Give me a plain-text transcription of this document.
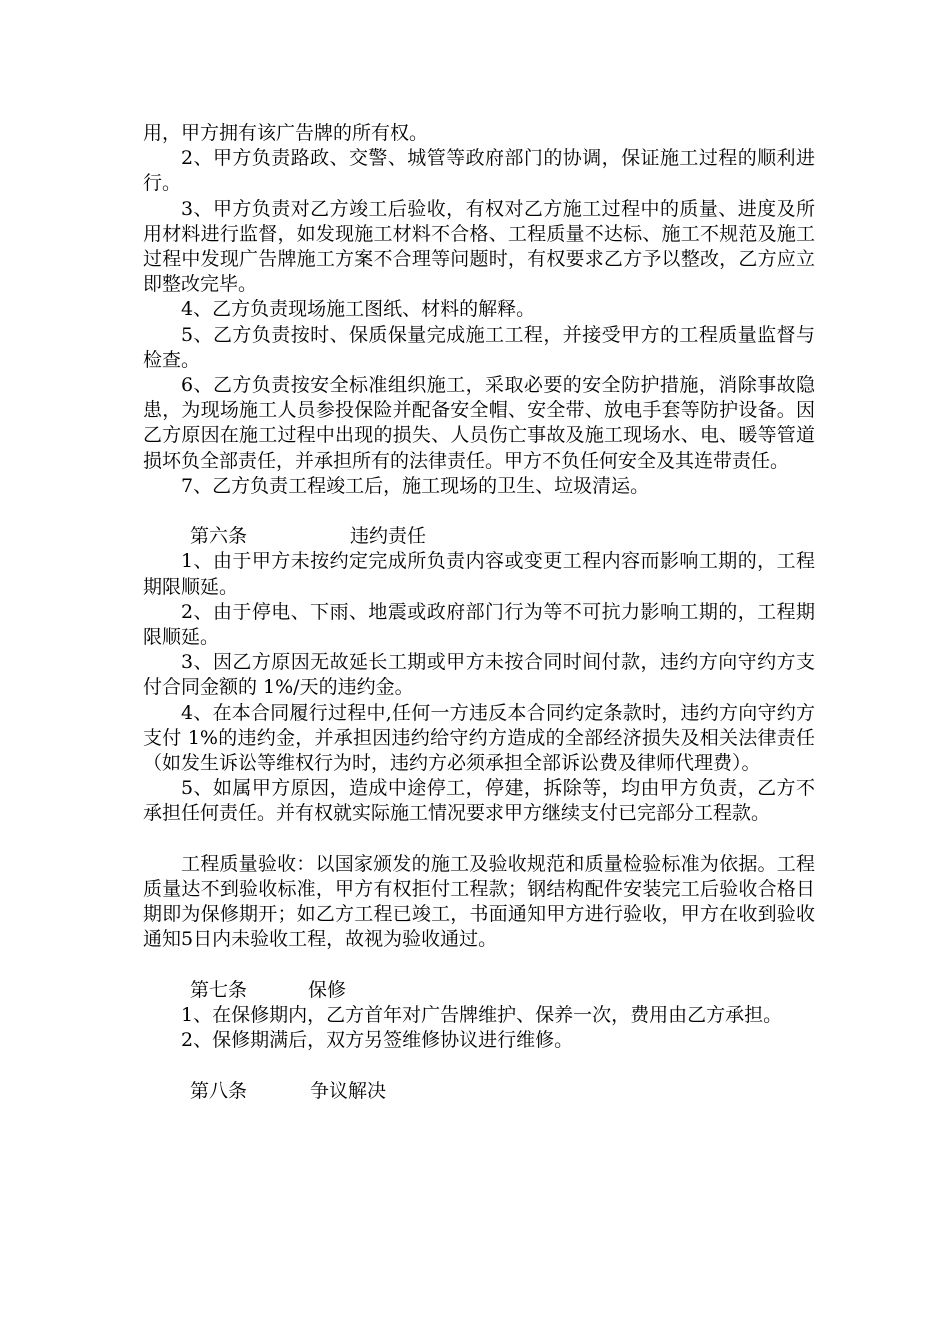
用，甲方拥有该广告牌的所有权。

2、甲方负责路政、交警、城管等政府部门的协调，保证施工过程的顺利进行。

3、甲方负责对乙方竣工后验收，有权对乙方施工过程中的质量、进度及所用材料进行监督，如发现施工材料不合格、工程质量不达标、施工不规范及施工过程中发现广告牌施工方案不合理等问题时，有权要求乙方予以整改，乙方应立即整改完毕。

4、乙方负责现场施工图纸、材料的解释。

5、乙方负责按时、保质保量完成施工工程，并接受甲方的工程质量监督与检查。

6、乙方负责按安全标准组织施工，采取必要的安全防护措施，消除事故隐患，为现场施工人员参投保险并配备安全帽、安全带、放电手套等防护设备。因乙方原因在施工过程中出现的损失、人员伤亡事故及施工现场水、电、暖等管道损坏负全部责任，并承担所有的法律责任。甲方不负任何安全及其连带责任。

7、乙方负责工程竣工后，施工现场的卫生、垃圾清运。

第六条	违约责任

1、由于甲方未按约定完成所负责内容或变更工程内容而影响工期的，工程期限顺延。

2、由于停电、下雨、地震或政府部门行为等不可抗力影响工期的，工程期限顺延。

3、因乙方原因无故延长工期或甲方未按合同时间付款，违约方向守约方支付合同金额的 1%/天的违约金。

4、在本合同履行过程中,任何一方违反本合同约定条款时，违约方向守约方支付 1%的违约金，并承担因违约给守约方造成的全部经济损失及相关法律责任（如发生诉讼等维权行为时，违约方必须承担全部诉讼费及律师代理费）。

5、如属甲方原因，造成中途停工，停建，拆除等，均由甲方负责，乙方不承担任何责任。并有权就实际施工情况要求甲方继续支付已完部分工程款。

工程质量验收：以国家颁发的施工及验收规范和质量检验标准为依据。工程质量达不到验收标准，甲方有权拒付工程款；钢结构配件安装完工后验收合格日期即为保修期开；如乙方工程已竣工，书面通知甲方进行验收，甲方在收到验收通知5日内未验收工程，故视为验收通过。

第七条	保修

1、在保修期内，乙方首年对广告牌维护、保养一次，费用由乙方承担。

2、保修期满后，双方另签维修协议进行维修。

第八条	争议解决
